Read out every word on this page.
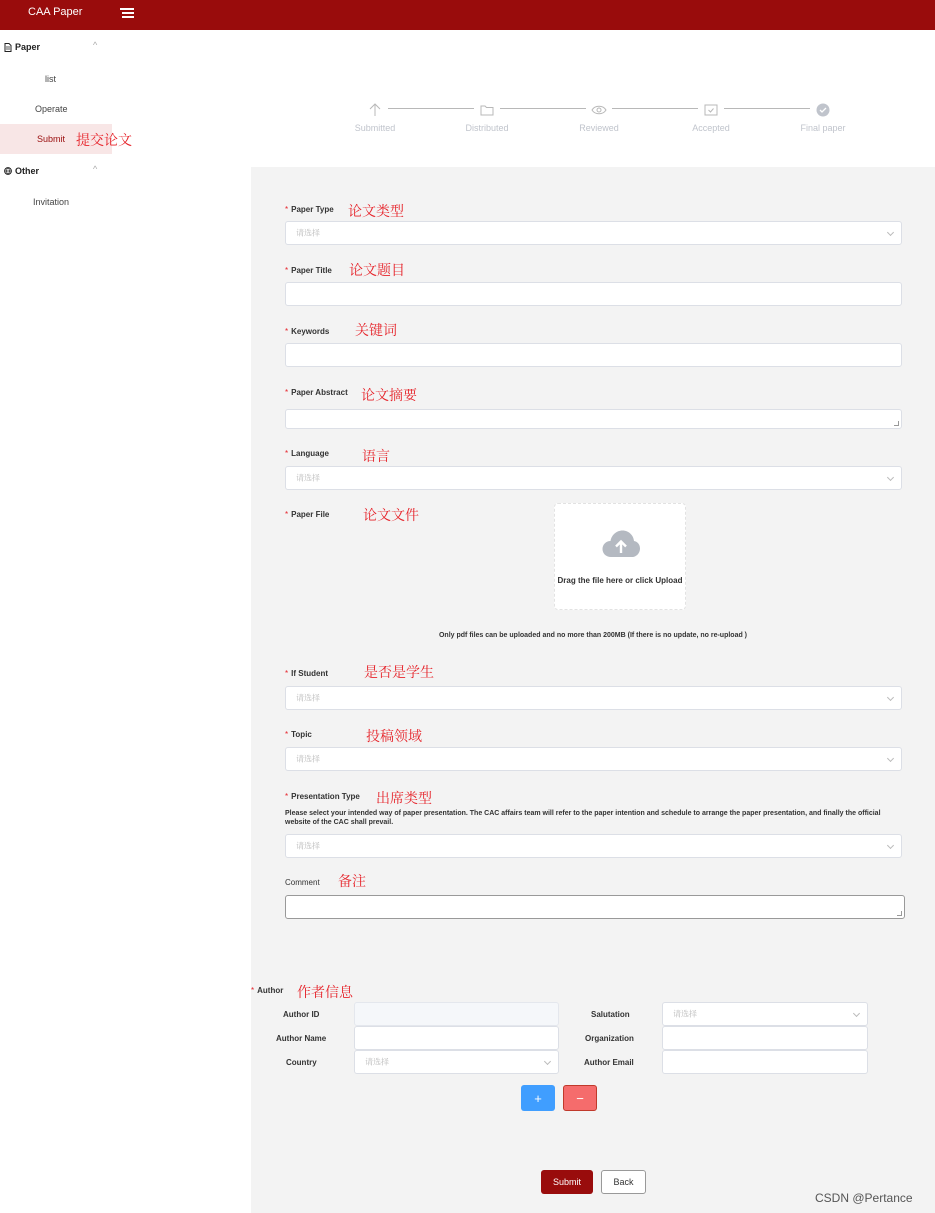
CAA Paper
Paper	^
list
Operate
Submit 提交论文
Other	^
Invitation
Submitted	Distributed	Reviewed	Accepted	Final paper
* Paper Type 论文类型
请选择
* Paper Title 论文题目
* Keywords 关键词
* Paper Abstract 论文摘要
* Language 语言
请选择
* Paper File 论文文件
Drag the file here or click Upload
Only pdf files can be uploaded and no more than 200MB (If there is no update, no re-upload )
* If Student	是否是学生
请选择
* Topic	投稿领域
请选择
* Presentation Type 出席类型
Please select your intended way of paper presentation. The CAC affairs team will refer to the paper intention and schedule to arrange the paper presentation, and finally the official website of the CAC shall prevail.
请选择
Comment 备注
* Author 作者信息
Author ID	Salutation	请选择
Author Name	Organization
Country	请选择	Author Email
+	−
Submit	Back
CSDN @Pertance
